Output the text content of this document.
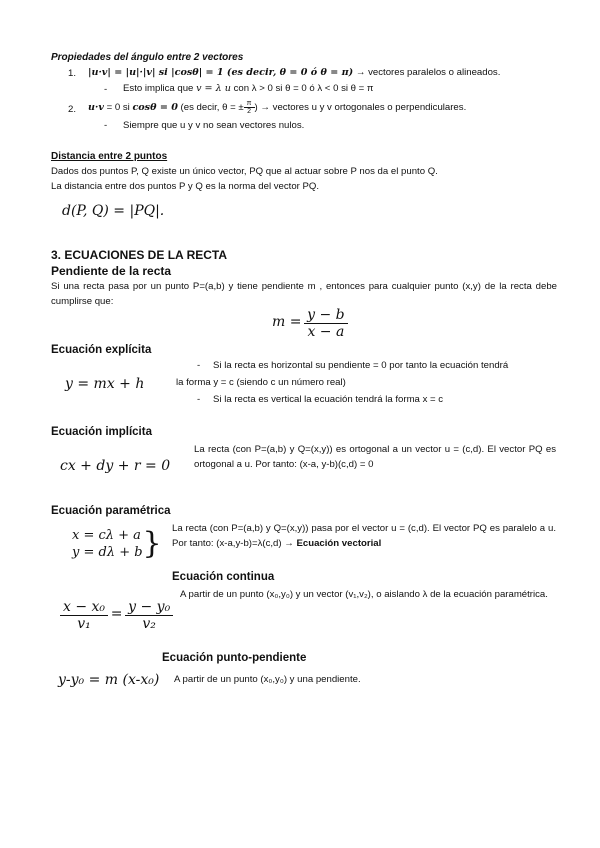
Propiedades del ángulo entre 2 vectores
1. |u·v| = |u|·|v| si |cosθ| = 1 (es decir, θ = 0 ó θ = π) → vectores paralelos o alineados.
- Esto implica que v = λ u con λ > 0 si θ = 0 ó λ < 0 si θ = π
2. u·v = 0 si cosθ = 0 (es decir, θ = ± $\frac{\pi}{2}$ ) → vectores u y v ortogonales o perpendiculares.
- Siempre que u y v no sean vectores nulos.
Distancia entre 2 puntos
Dados dos puntos P, Q existe un único vector, PQ que al actuar sobre P nos da el punto Q.
La distancia entre dos puntos P y Q es la norma del vector PQ.
d(P, Q) = |PQ|.
3. ECUACIONES DE LA RECTA
Pendiente de la recta
Si una recta pasa por un punto P=(a,b) y tiene pendiente m , entonces para cualquier punto (x,y) de la recta debe cumplirse que:
$m = \frac{y - b}{x - a}$
Ecuación explícita
y = mx + h
- Si la recta es horizontal su pendiente = 0 por tanto la ecuación tendrá
la forma y = c (siendo c un número real)
- Si la recta es vertical la ecuación tendrá la forma x = c
Ecuación implícita
cx + dy + r = 0
La recta (con P=(a,b) y Q=(x,y)) es ortogonal a un vector u = (c,d). El vector PQ es ortogonal a u. Por tanto: (x-a, y-b)(c,d) = 0
Ecuación paramétrica
x = cλ + a
y = dλ + b } La recta (con P=(a,b) y Q=(x,y)) pasa por el vector u = (c,d). El vector PQ es paralelo a u. Por tanto: (x-a,y-b)=λ(c,d) → Ecuación vectorial
Ecuación continua
$\frac{\text{x − x₀}}{\text{v₁}} = \frac{\text{y − y₀}}{\text{v₂}}$
A partir de un punto (x₀,y₀) y un vector (v₁,v₂), o aislando λ de la ecuación paramétrica.
Ecuación punto-pendiente
y-y₀ = m (x-x₀) A partir de un punto (x₀,y₀) y una pendiente.
